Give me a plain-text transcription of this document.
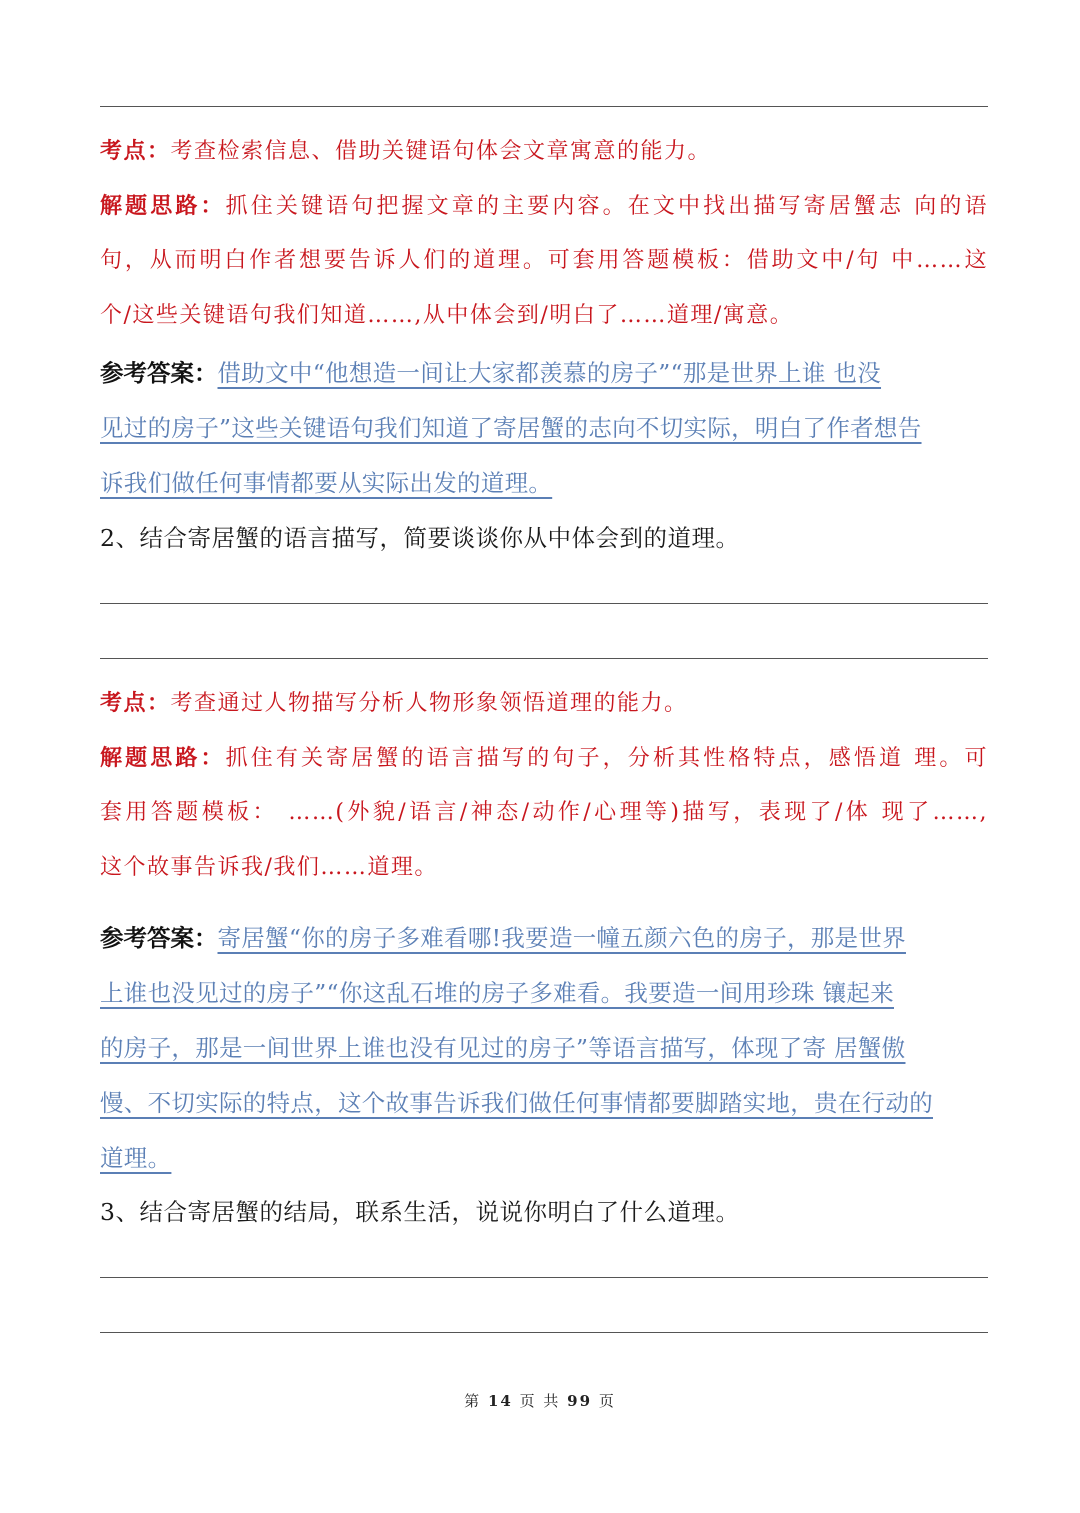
考点：考查检索信息、借助关键语句体会文章寓意的能力。
解题思路：抓住关键语句把握文章的主要内容。在文中找出描写寄居蟹志 向的语
句，从而明白作者想要告诉人们的道理。可套用答题模板：借助文中/句 中……这
个/这些关键语句我们知道……,从中体会到/明白了……道理/寓意。
参考答案：借助文中“他想造一间让大家都羡慕的房子”“那是世界上谁 也没
见过的房子”这些关键语句我们知道了寄居蟹的志向不切实际，明白了作者想告
诉我们做任何事情都要从实际出发的道理。
2、结合寄居蟹的语言描写，简要谈谈你从中体会到的道理。
考点：考查通过人物描写分析人物形象领悟道理的能力。
解题思路：抓住有关寄居蟹的语言描写的句子，分析其性格特点，感悟道 理。可
套用答题模板： ……(外貌/语言/神态/动作/心理等)描写，表现了/体 现了……,
这个故事告诉我/我们……道理。
参考答案：寄居蟹“你的房子多难看哪!我要造一幢五颜六色的房子，那是世界
上谁也没见过的房子”“你这乱石堆的房子多难看。我要造一间用珍珠 镶起来
的房子，那是一间世界上谁也没有见过的房子”等语言描写，体现了寄 居蟹傲
慢、不切实际的特点，这个故事告诉我们做任何事情都要脚踏实地，贵在行动的
道理。
3、结合寄居蟹的结局，联系生活，说说你明白了什么道理。
第 14 页 共 99 页
